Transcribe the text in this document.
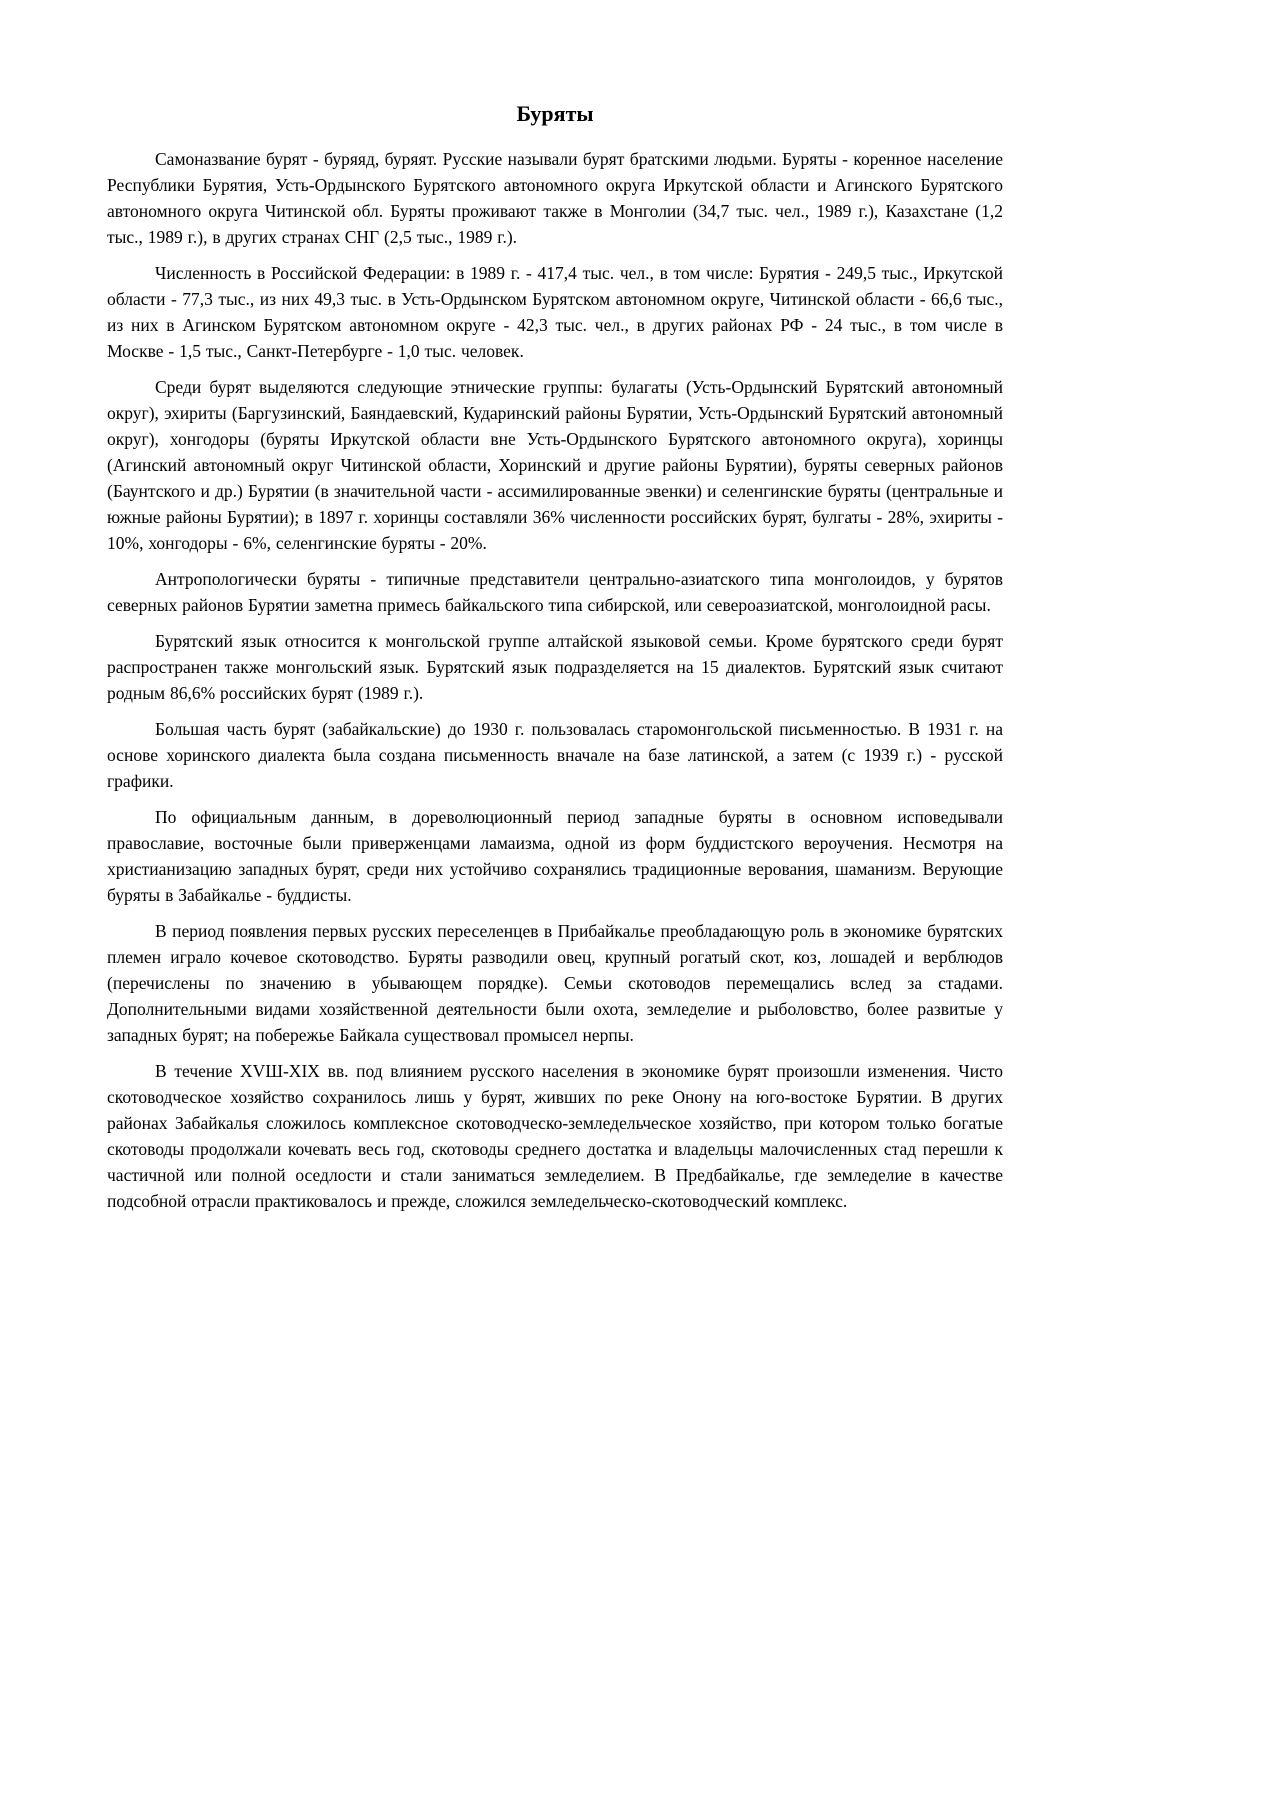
Буряты

Самоназвание бурят - буряяд, буряят. Русские называли бурят братскими людьми. Буряты - коренное население Республики Бурятия, Усть-Ордынского Бурятского автономного округа Иркутской области и Агинского Бурятского автономного округа Читинской обл. Буряты проживают также в Монголии (34,7 тыс. чел., 1989 г.), Казахстане (1,2 тыс., 1989 г.), в других странах СНГ (2,5 тыс., 1989 г.).

Численность в Российской Федерации: в 1989 г. - 417,4 тыс. чел., в том числе: Бурятия - 249,5 тыс., Иркутской области - 77,3 тыс., из них 49,3 тыс. в Усть-Ордынском Бурятском автономном округе, Читинской области - 66,6 тыс., из них в Агинском Бурятском автономном округе - 42,3 тыс. чел., в других районах РФ - 24 тыс., в том числе в Москве - 1,5 тыс., Санкт-Петербурге - 1,0 тыс. человек.

Среди бурят выделяются следующие этнические группы: булагаты (Усть-Ордынский Бурятский автономный округ), эхириты (Баргузинский, Баяндаевский, Кударинский районы Бурятии, Усть-Ордынский Бурятский автономный округ), хонгодоры (буряты Иркутской области вне Усть-Ордынского Бурятского автономного округа), хоринцы (Агинский автономный округ Читинской области, Хоринский и другие районы Бурятии), буряты северных районов (Баунтского и др.) Бурятии (в значительной части - ассимилированные эвенки) и селенгинские буряты (центральные и южные районы Бурятии); в 1897 г. хоринцы составляли 36% численности российских бурят, булгаты - 28%, эхириты - 10%, хонгодоры - 6%, селенгинские буряты - 20%.

Антропологически буряты - типичные представители центрально-азиатского типа монголоидов, у бурятов северных районов Бурятии заметна примесь байкальского типа сибирской, или североазиатской, монголоидной расы.

Бурятский язык относится к монгольской группе алтайской языковой семьи. Кроме бурятского среди бурят распространен также монгольский язык. Бурятский язык подразделяется на 15 диалектов. Бурятский язык считают родным 86,6% российских бурят (1989 г.).

Большая часть бурят (забайкальские) до 1930 г. пользовалась старомонгольской письменностью. В 1931 г. на основе хоринского диалекта была создана письменность вначале на базе латинской, а затем (с 1939 г.) - русской графики.

По официальным данным, в дореволюционный период западные буряты в основном исповедывали православие, восточные были приверженцами ламаизма, одной из форм буддистского вероучения. Несмотря на христианизацию западных бурят, среди них устойчиво сохранялись традиционные верования, шаманизм. Верующие буряты в Забайкалье - буддисты.

В период появления первых русских переселенцев в Прибайкалье преобладающую роль в экономике бурятских племен играло кочевое скотоводство. Буряты разводили овец, крупный рогатый скот, коз, лошадей и верблюдов (перечислены по значению в убывающем порядке). Семьи скотоводов перемещались вслед за стадами. Дополнительными видами хозяйственной деятельности были охота, земледелие и рыболовство, более развитые у западных бурят; на побережье Байкала существовал промысел нерпы.

В течение XVШ-XIX вв. под влиянием русского населения в экономике бурят произошли изменения. Чисто скотоводческое хозяйство сохранилось лишь у бурят, живших по реке Онону на юго-востоке Бурятии. В других районах Забайкалья сложилось комплексное скотоводческо-земледельческое хозяйство, при котором только богатые скотоводы продолжали кочевать весь год, скотоводы среднего достатка и владельцы малочисленных стад перешли к частичной или полной оседлости и стали заниматься земледелием. В Предбайкалье, где земледелие в качестве подсобной отрасли практиковалось и прежде, сложился земледельческо-скотоводческий комплекс.
